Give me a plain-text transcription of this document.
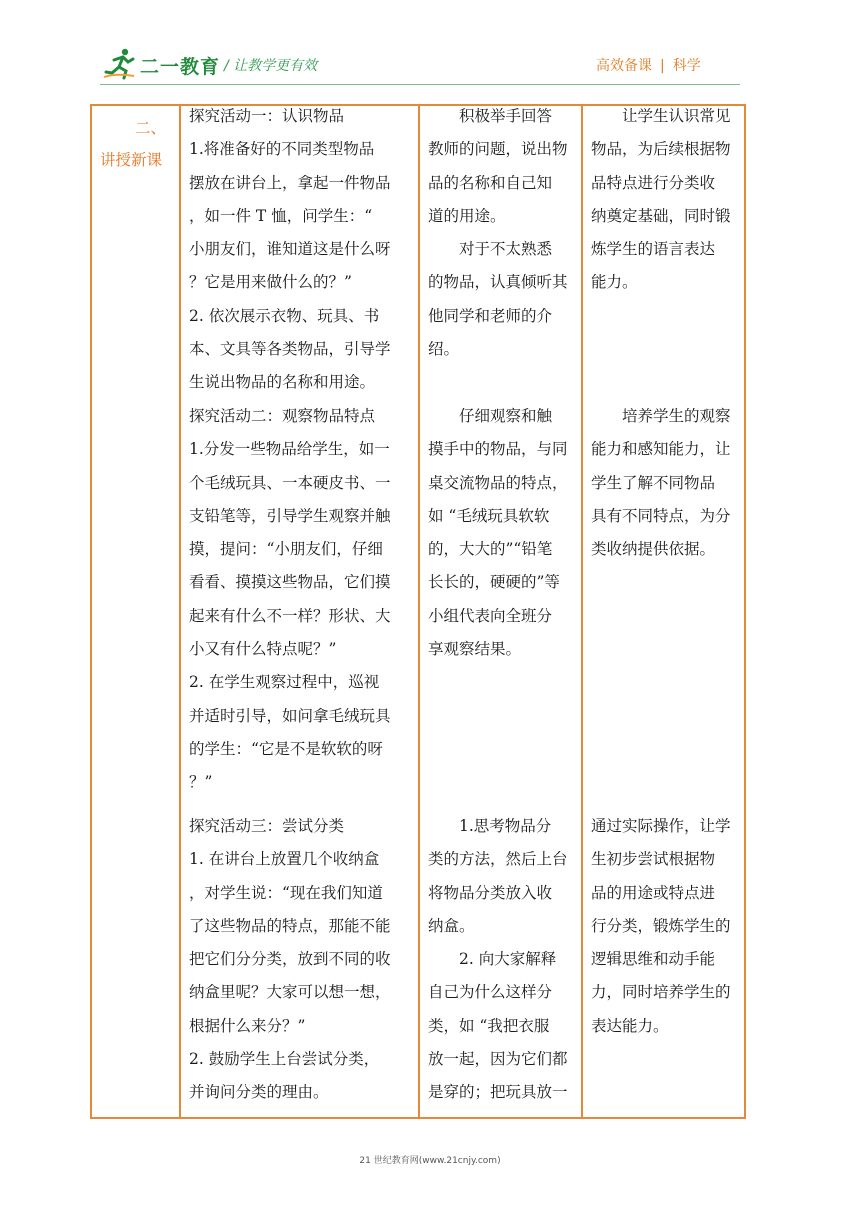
二一教育 / 让教学更有效	高效备课 | 科学
二、
讲授新课

探究活动一：认识物品

1.将准备好的不同类型物品

摆放在讲台上，拿起一件物品

，如一件 T 恤，问学生：“

小朋友们，谁知道这是什么呀

？它是用来做什么的？”

2. 依次展示衣物、玩具、书

本、文具等各类物品，引导学

生说出物品的名称和用途。

积极举手回答

教师的问题，说出物

品的名称和自己知

道的用途。

对于不太熟悉

的物品，认真倾听其

他同学和老师的介

绍。

让学生认识常见

物品，为后续根据物

品特点进行分类收

纳奠定基础，同时锻

炼学生的语言表达

能力。

探究活动二：观察物品特点

1.分发一些物品给学生，如一

个毛绒玩具、一本硬皮书、一

支铅笔等，引导学生观察并触

摸，提问：“小朋友们，仔细

看看、摸摸这些物品，它们摸

起来有什么不一样？形状、大

小又有什么特点呢？”

2. 在学生观察过程中，巡视

并适时引导，如问拿毛绒玩具

的学生：“它是不是软软的呀

？”

仔细观察和触

摸手中的物品，与同

桌交流物品的特点，

如 “毛绒玩具软软

的，大大的”“铅笔

长长的，硬硬的”等

小组代表向全班分

享观察结果。

培养学生的观察

能力和感知能力，让

学生了解不同物品

具有不同特点，为分

类收纳提供依据。

探究活动三：尝试分类

1. 在讲台上放置几个收纳盒

，对学生说：“现在我们知道

了这些物品的特点，那能不能

把它们分分类，放到不同的收

纳盒里呢？大家可以想一想，

根据什么来分？”

2. 鼓励学生上台尝试分类，

并询问分类的理由。

1.思考物品分

类的方法，然后上台

将物品分类放入收

纳盒。

2. 向大家解释

自己为什么这样分

类，如 “我把衣服

放一起，因为它们都

是穿的；把玩具放一

通过实际操作，让学

生初步尝试根据物

品的用途或特点进

行分类，锻炼学生的

逻辑思维和动手能

力，同时培养学生的

表达能力。

21 世纪教育网(www.21cnjy.com)
